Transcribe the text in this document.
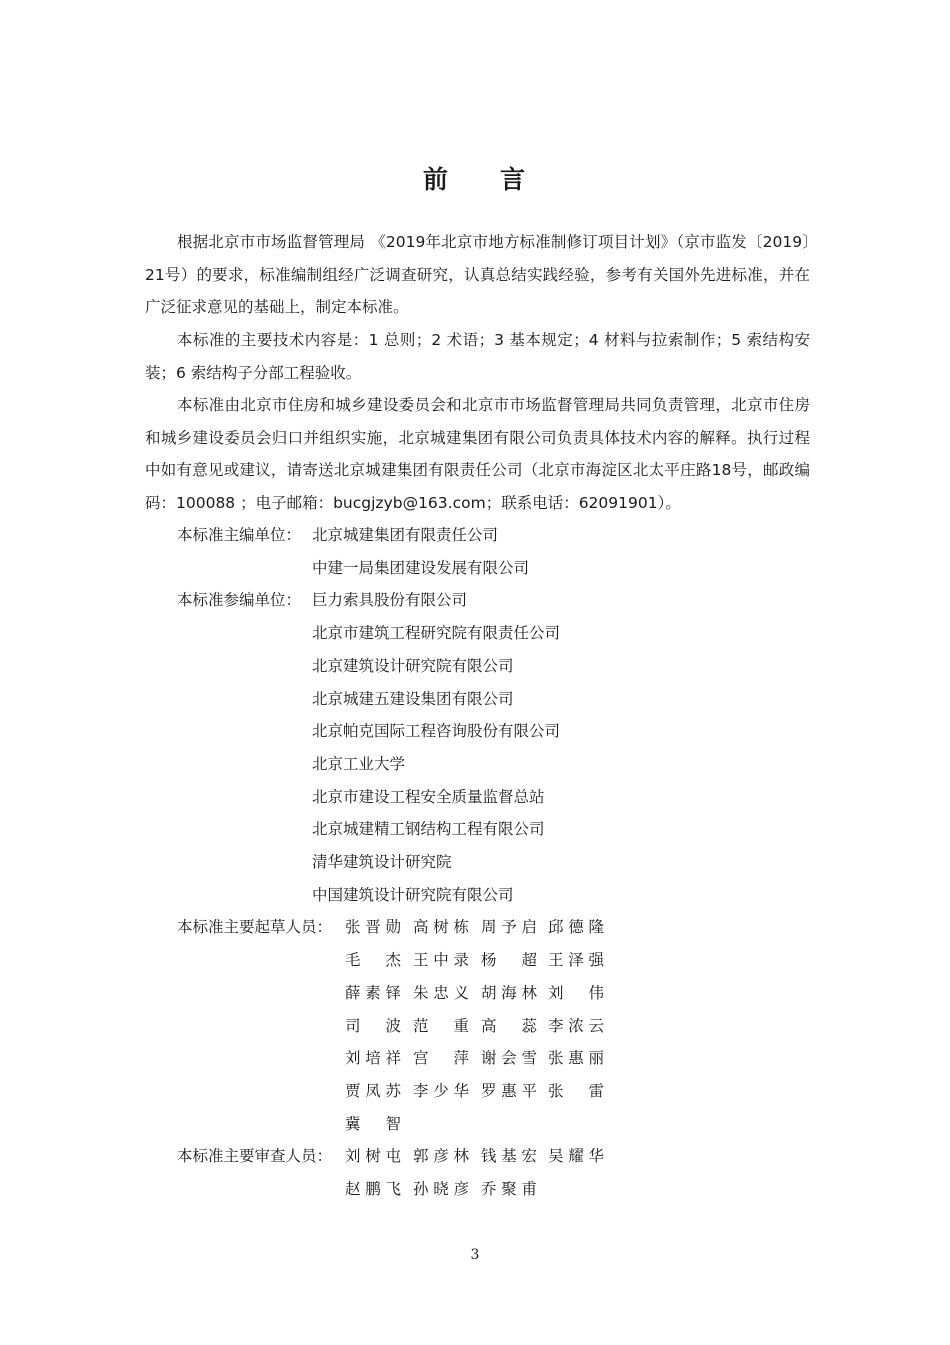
前 言

根据北京市市场监督管理局 《2019年北京市地方标准制修订项目计划》（京市监发〔2019〕21号）的要求，标准编制组经广泛调查研究，认真总结实践经验，参考有关国外先进标准，并在广泛征求意见的基础上，制定本标准。

本标准的主要技术内容是：1 总则；2 术语；3 基本规定；4 材料与拉索制作；5 索结构安装；6 索结构子分部工程验收。

本标准由北京市住房和城乡建设委员会和北京市市场监督管理局共同负责管理，北京市住房和城乡建设委员会归口并组织实施，北京城建集团有限公司负责具体技术内容的解释。执行过程中如有意见或建议，请寄送北京城建集团有限责任公司（北京市海淀区北太平庄路18号，邮政编码：100088 ；电子邮箱：bucgjzyb@163.com；联系电话：62091901）。

本标准主编单位： 北京城建集团有限责任公司
中建一局集团建设发展有限公司
本标准参编单位： 巨力索具股份有限公司
北京市建筑工程研究院有限责任公司
北京建筑设计研究院有限公司
北京城建五建设集团有限公司
北京帕克国际工程咨询股份有限公司
北京工业大学
北京市建设工程安全质量监督总站
北京城建精工钢结构工程有限公司
清华建筑设计研究院
中国建筑设计研究院有限公司
本标准主要起草人员： 张晋勋 高树栋 周予启 邱德隆
毛 杰 王中录 杨 超 王泽强
薛素铎 朱忠义 胡海林 刘 伟
司 波 范 重 高 蕊 李浓云
刘培祥 宫 萍 谢会雪 张惠丽
贾凤苏 李少华 罗惠平 张 雷
冀 智
本标准主要审查人员： 刘树屯 郭彦林 钱基宏 吴耀华
赵鹏飞 孙晓彦 乔聚甫
3
